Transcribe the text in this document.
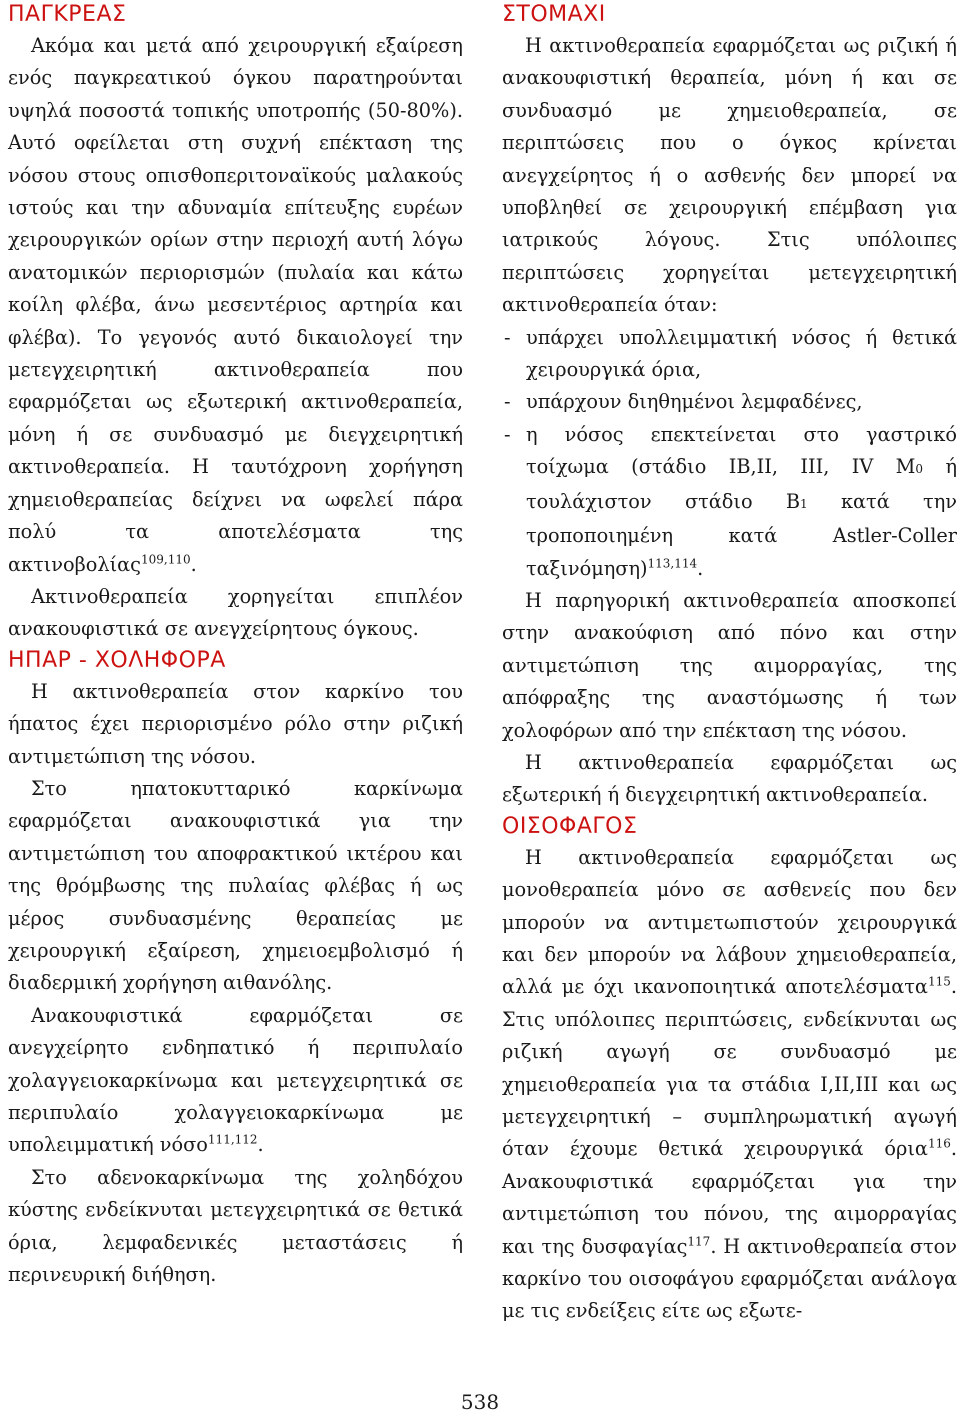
ΠΑΓΚΡΕΑΣ

Ακόμα και μετά από χειρουργική εξαίρεση ενός παγκρεατικού όγκου παρατηρούνται υψηλά ποσοστά τοπικής υποτροπής (50-80%). Αυτό οφείλεται στη συχνή επέκταση της νόσου στους οπισθοπεριτοναϊκούς μαλακούς ιστούς και την αδυναμία επίτευξης ευρέων χειρουργικών ορίων στην περιοχή αυτή λόγω ανατομικών περιορισμών (πυλαία και κάτω κοίλη φλέβα, άνω μεσεντέριος αρτηρία και φλέβα). Το γεγονός αυτό δικαιολογεί την μετεγχειρητική ακτινοθεραπεία που εφαρμόζεται ως εξωτερική ακτινοθεραπεία, μόνη ή σε συνδυασμό με διεγχειρητική ακτινοθεραπεία. Η ταυτόχρονη χορήγηση χημειοθεραπείας δείχνει να ωφελεί πάρα πολύ τα αποτελέσματα της ακτινοβολίας$^{109,110}$.

Ακτινοθεραπεία χορηγείται επιπλέον ανακουφιστικά σε ανεγχείρητους όγκους.

ΗΠΑΡ - ΧΟΛΗΦΟΡΑ

Η ακτινοθεραπεία στον καρκίνο του ήπατος έχει περιορισμένο ρόλο στην ριζική αντιμετώπιση της νόσου.

Στο ηπατοκυτταρικό καρκίνωμα εφαρμόζεται ανακουφιστικά για την αντιμετώπιση του αποφρακτικού ικτέρου και της θρόμβωσης της πυλαίας φλέβας ή ως μέρος συνδυασμένης θεραπείας με χειρουργική εξαίρεση, χημειοεμβολισμό ή διαδερμική χορήγηση αιθανόλης.

Ανακουφιστικά εφαρμόζεται σε ανεγχείρητο ενδηπατικό ή περιπυλαίο χολαγγειοκαρκίνωμα και μετεγχειρητικά σε περιπυλαίο χολαγγειοκαρκίνωμα με υπολειμματική νόσο$^{111,112}$.

Στο αδενοκαρκίνωμα της χοληδόχου κύστης ενδείκνυται μετεγχειρητικά σε θετικά όρια, λεμφαδενικές μεταστάσεις ή περινευρική διήθηση.

ΣΤΟΜΑΧΙ

Η ακτινοθεραπεία εφαρμόζεται ως ριζική ή ανακουφιστική θεραπεία, μόνη ή και σε συνδυασμό με χημειοθεραπεία, σε περιπτώσεις που ο όγκος κρίνεται ανεγχείρητος ή ο ασθενής δεν μπορεί να υποβληθεί σε χειρουργική επέμβαση για ιατρικούς λόγους. Στις υπόλοιπες περιπτώσεις χορηγείται μετεγχειρητική ακτινοθεραπεία όταν:

- υπάρχει υπολλειμματική νόσος ή θετικά χειρουργικά όρια,
- υπάρχουν διηθημένοι λεμφαδένες,
- η νόσος επεκτείνεται στο γαστρικό τοίχωμα (στάδιο ΙΒ,ΙΙ, ΙΙΙ, IV Μ0 ή τουλάχιστον στάδιο Β1 κατά την τροποποιημένη κατά Astler-Coller ταξινόμηση)$^{113,114}$.

Η παρηγορική ακτινοθεραπεία αποσκοπεί στην ανακούφιση από πόνο και στην αντιμετώπιση της αιμορραγίας, της απόφραξης της αναστόμωσης ή των χολοφόρων από την επέκταση της νόσου.

Η ακτινοθεραπεία εφαρμόζεται ως εξωτερική ή διεγχειρητική ακτινοθεραπεία.

ΟΙΣΟΦΑΓΟΣ

Η ακτινοθεραπεία εφαρμόζεται ως μονοθεραπεία μόνο σε ασθενείς που δεν μπορούν να αντιμετωπιστούν χειρουργικά και δεν μπορούν να λάβουν χημειοθεραπεία, αλλά με όχι ικανοποιητικά αποτελέσματα$^{115}$. Στις υπόλοιπες περιπτώσεις, ενδείκνυται ως ριζική αγωγή σε συνδυασμό με χημειοθεραπεία για τα στάδια Ι,ΙΙ,ΙΙΙ και ως μετεγχειρητική – συμπληρωματική αγωγή όταν έχουμε θετικά χειρουργικά όρια$^{116}$. Ανακουφιστικά εφαρμόζεται για την αντιμετώπιση του πόνου, της αιμορραγίας και της δυσφαγίας$^{117}$. Η ακτινοθεραπεία στον καρκίνο του οισοφάγου εφαρμόζεται ανάλογα με τις ενδείξεις είτε ως εξωτε-

538
